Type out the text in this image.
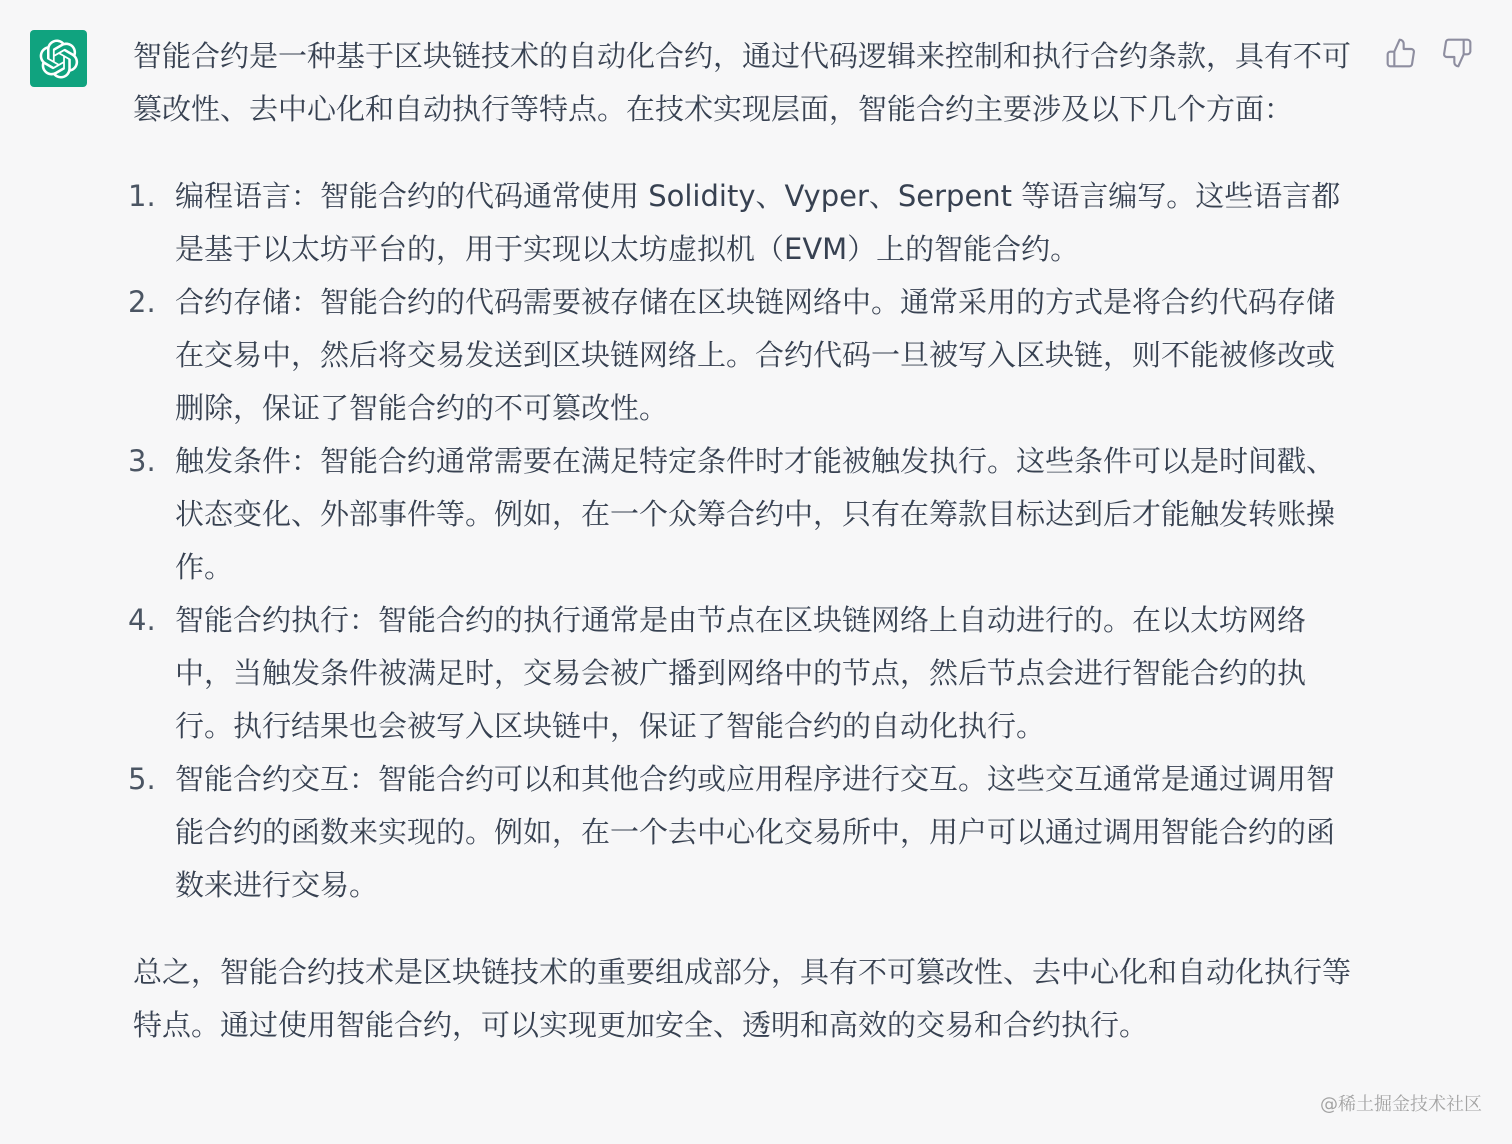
智能合约是一种基于区块链技术的自动化合约，通过代码逻辑来控制和执行合约条款，具有不可篡改性、去中心化和自动执行等特点。在技术实现层面，智能合约主要涉及以下几个方面：

1. 编程语言：智能合约的代码通常使用 Solidity、Vyper、Serpent 等语言编写。这些语言都是基于以太坊平台的，用于实现以太坊虚拟机（EVM）上的智能合约。
2. 合约存储：智能合约的代码需要被存储在区块链网络中。通常采用的方式是将合约代码存储在交易中，然后将交易发送到区块链网络上。合约代码一旦被写入区块链，则不能被修改或删除，保证了智能合约的不可篡改性。
3. 触发条件：智能合约通常需要在满足特定条件时才能被触发执行。这些条件可以是时间戳、状态变化、外部事件等。例如，在一个众筹合约中，只有在筹款目标达到后才能触发转账操作。
4. 智能合约执行：智能合约的执行通常是由节点在区块链网络上自动进行的。在以太坊网络中，当触发条件被满足时，交易会被广播到网络中的节点，然后节点会进行智能合约的执行。执行结果也会被写入区块链中，保证了智能合约的自动化执行。
5. 智能合约交互：智能合约可以和其他合约或应用程序进行交互。这些交互通常是通过调用智能合约的函数来实现的。例如，在一个去中心化交易所中，用户可以通过调用智能合约的函数来进行交易。

总之，智能合约技术是区块链技术的重要组成部分，具有不可篡改性、去中心化和自动化执行等特点。通过使用智能合约，可以实现更加安全、透明和高效的交易和合约执行。

@稀土掘金技术社区
